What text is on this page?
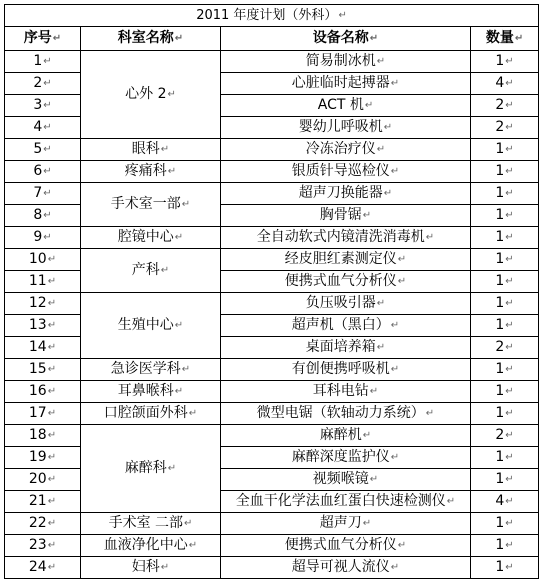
2011 年度计划（外科）↵			
序号↵	科室名称↵	设备名称↵	数量↵
1↵	心外 2↵	简易制冰机↵	1↵
2↵		心脏临时起搏器↵	4↵
3↵		ACT 机↵	2↵
4↵		婴幼儿呼吸机↵	2↵
5↵	眼科↵	冷冻治疗仪↵	1↵
6↵	疼痛科↵	银质针导巡检仪↵	1↵
7↵	手术室一部↵	超声刀换能器↵	1↵
8↵		胸骨锯↵	1↵
9↵	腔镜中心↵	全自动软式内镜清洗消毒机↵	1↵
10↵	产科↵	经皮胆红素测定仪↵	1↵
11↵		便携式血气分析仪↵	1↵
12↵	生殖中心↵	负压吸引器↵	1↵
13↵		超声机（黑白）↵	1↵
14↵		桌面培养箱↵	2↵
15↵	急诊医学科↵	有创便携呼吸机↵	1↵
16↵	耳鼻喉科↵	耳科电钻↵	1↵
17↵	口腔颌面外科↵	微型电锯（软轴动力系统）↵	1↵
18↵	麻醉科↵	麻醉机↵	2↵
19↵		麻醉深度监护仪↵	1↵
20↵		视频喉镜↵	1↵
21↵		全血干化学法血红蛋白快速检测仪↵	4↵
22↵	手术室 二部↵	超声刀↵	1↵
23↵	血液净化中心↵	便携式血气分析仪↵	1↵
24↵	妇科↵	超导可视人流仪↵	1↵
